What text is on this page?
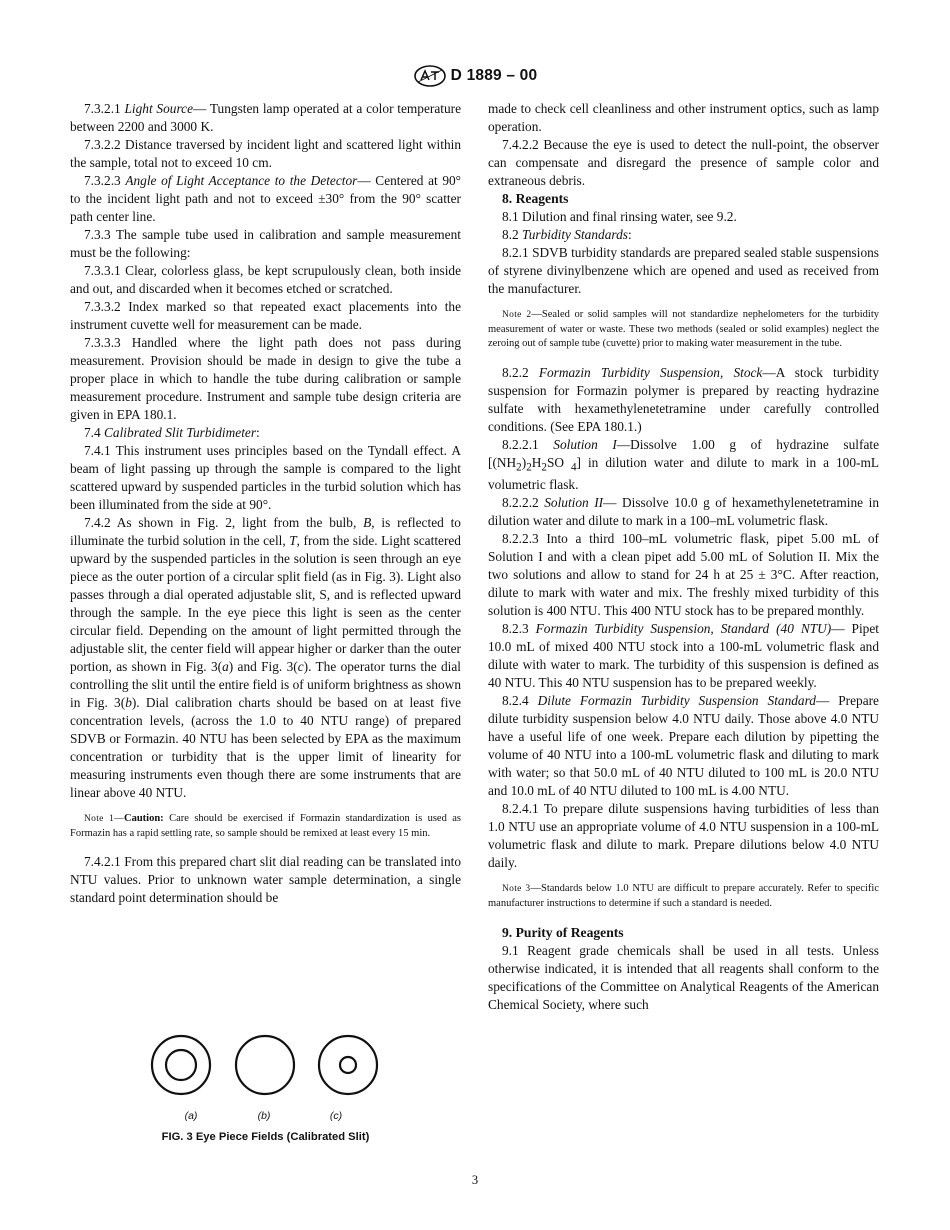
D 1889 – 00

7.3.2.1 Light Source— Tungsten lamp operated at a color temperature between 2200 and 3000 K.

7.3.2.2 Distance traversed by incident light and scattered light within the sample, total not to exceed 10 cm.

7.3.2.3 Angle of Light Acceptance to the Detector— Centered at 90° to the incident light path and not to exceed ±30° from the 90° scatter path center line.

7.3.3 The sample tube used in calibration and sample measurement must be the following:

7.3.3.1 Clear, colorless glass, be kept scrupulously clean, both inside and out, and discarded when it becomes etched or scratched.

7.3.3.2 Index marked so that repeated exact placements into the instrument cuvette well for measurement can be made.

7.3.3.3 Handled where the light path does not pass during measurement. Provision should be made in design to give the tube a proper place in which to handle the tube during calibration or sample measurement procedure. Instrument and sample tube design criteria are given in EPA 180.1.

7.4 Calibrated Slit Turbidimeter:

7.4.1 This instrument uses principles based on the Tyndall effect. A beam of light passing up through the sample is compared to the light scattered upward by suspended particles in the turbid solution which has been illuminated from the side at 90°.

7.4.2 As shown in Fig. 2, light from the bulb, B, is reflected to illuminate the turbid solution in the cell, T, from the side. Light scattered upward by the suspended particles in the solution is seen through an eye piece as the outer portion of a circular split field (as in Fig. 3). Light also passes through a dial operated adjustable slit, S, and is reflected upward through the sample. In the eye piece this light is seen as the center circular field. Depending on the amount of light permitted through the adjustable slit, the center field will appear higher or darker than the outer portion, as shown in Fig. 3(a) and Fig. 3(c). The operator turns the dial controlling the slit until the entire field is of uniform brightness as shown in Fig. 3(b). Dial calibration charts should be based on at least five concentration levels, (across the 1.0 to 40 NTU range) of prepared SDVB or Formazin. 40 NTU has been selected by EPA as the maximum concentration or turbidity that is the upper limit of linearity for measuring instruments even though there are some instruments that are linear above 40 NTU.

Note 1—Caution: Care should be exercised if Formazin standardization is used as Formazin has a rapid settling rate, so sample should be remixed at least every 15 min.

7.4.2.1 From this prepared chart slit dial reading can be translated into NTU values. Prior to unknown water sample determination, a single standard point determination should be

(a)	(b)	(c)
FIG. 3 Eye Piece Fields (Calibrated Slit)

made to check cell cleanliness and other instrument optics, such as lamp operation.

7.4.2.2 Because the eye is used to detect the null-point, the observer can compensate and disregard the presence of sample color and extraneous debris.

8. Reagents

8.1 Dilution and final rinsing water, see 9.2.

8.2 Turbidity Standards:

8.2.1 SDVB turbidity standards are prepared sealed stable suspensions of styrene divinylbenzene which are opened and used as received from the manufacturer.

Note 2—Sealed or solid samples will not standardize nephelometers for the turbidity measurement of water or waste. These two methods (sealed or solid examples) neglect the zeroing out of sample tube (cuvette) prior to making water measurement in the tube.

8.2.2 Formazin Turbidity Suspension, Stock—A stock turbidity suspension for Formazin polymer is prepared by reacting hydrazine sulfate with hexamethylenetetramine under carefully controlled conditions. (See EPA 180.1.)

8.2.2.1 Solution I—Dissolve 1.00 g of hydrazine sulfate [$(NH_2)_2H_2SO$ $_4$] in dilution water and dilute to mark in a 100-mL volumetric flask.

8.2.2.2 Solution II— Dissolve 10.0 g of hexamethylenetetramine in dilution water and dilute to mark in a 100–mL volumetric flask.

8.2.2.3 Into a third 100–mL volumetric flask, pipet 5.00 mL of Solution I and with a clean pipet add 5.00 mL of Solution II. Mix the two solutions and allow to stand for 24 h at 25 ± 3°C. After reaction, dilute to mark with water and mix. The freshly mixed turbidity of this solution is 400 NTU. This 400 NTU stock has to be prepared monthly.

8.2.3 Formazin Turbidity Suspension, Standard (40 NTU)— Pipet 10.0 mL of mixed 400 NTU stock into a 100-mL volumetric flask and dilute with water to mark. The turbidity of this suspension is defined as 40 NTU. This 40 NTU suspension has to be prepared weekly.

8.2.4 Dilute Formazin Turbidity Suspension Standard— Prepare dilute turbidity suspension below 4.0 NTU daily. Those above 4.0 NTU have a useful life of one week. Prepare each dilution by pipetting the volume of 40 NTU into a 100-mL volumetric flask and diluting to mark with water; so that 50.0 mL of 40 NTU diluted to 100 mL is 20.0 NTU and 10.0 mL of 40 NTU diluted to 100 mL is 4.00 NTU.

8.2.4.1 To prepare dilute suspensions having turbidities of less than 1.0 NTU use an appropriate volume of 4.0 NTU suspension in a 100-mL volumetric flask and dilute to mark. Prepare dilutions below 4.0 NTU daily.

Note 3—Standards below 1.0 NTU are difficult to prepare accurately. Refer to specific manufacturer instructions to determine if such a standard is needed.

9. Purity of Reagents

9.1 Reagent grade chemicals shall be used in all tests. Unless otherwise indicated, it is intended that all reagents shall conform to the specifications of the Committee on Analytical Reagents of the American Chemical Society, where such

3
